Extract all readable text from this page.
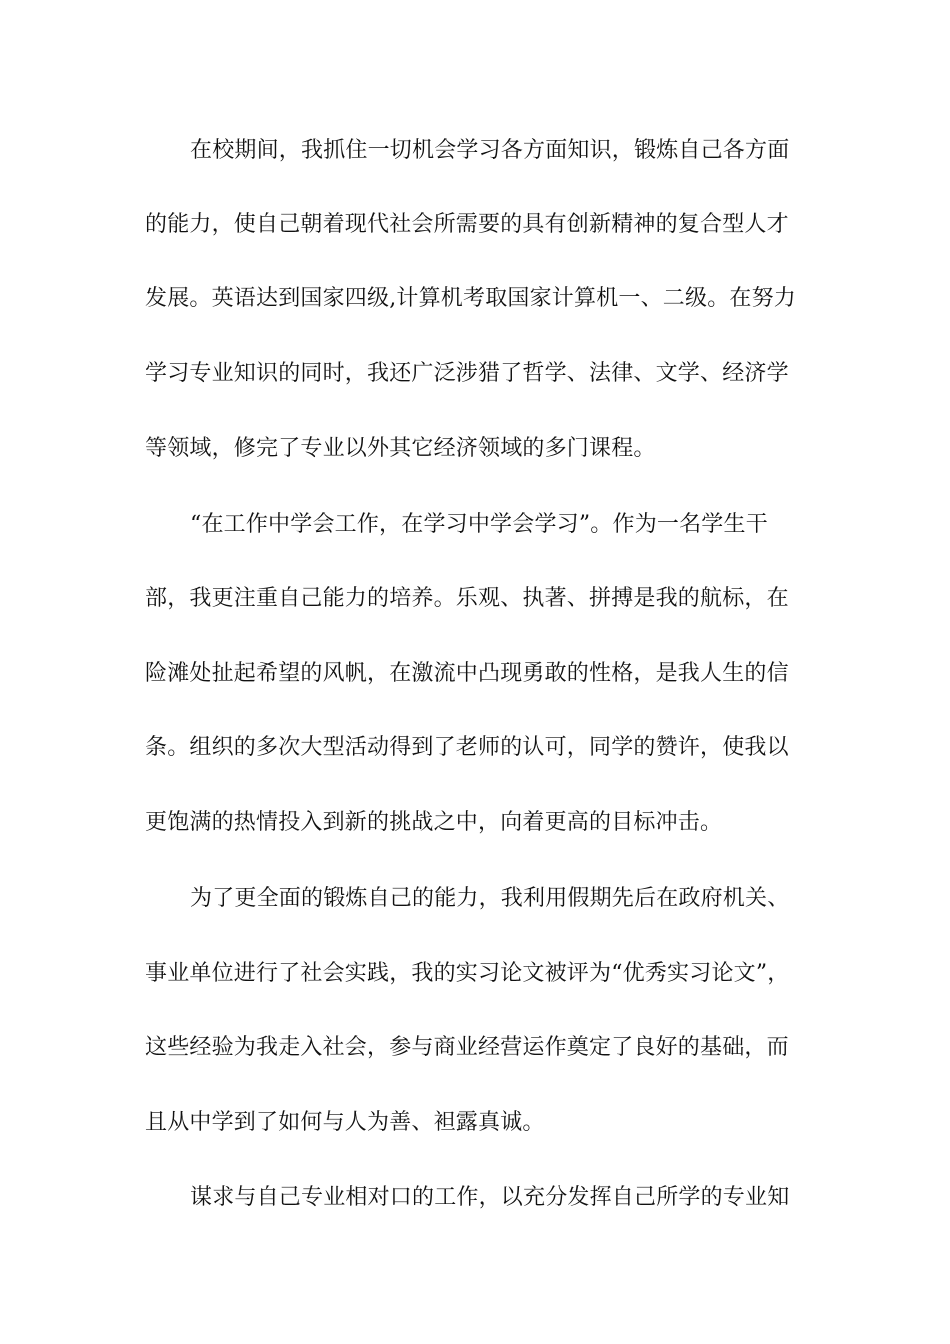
在校期间，我抓住一切机会学习各方面知识，锻炼自己各方面
的能力，使自己朝着现代社会所需要的具有创新精神的复合型人才
发展。英语达到国家四级,计算机考取国家计算机一、二级。在努力
学习专业知识的同时，我还广泛涉猎了哲学、法律、文学、经济学
等领域，修完了专业以外其它经济领域的多门课程。
“在工作中学会工作，在学习中学会学习”。作为一名学生干
部，我更注重自己能力的培养。乐观、执著、拼搏是我的航标，在
险滩处扯起希望的风帆，在激流中凸现勇敢的性格，是我人生的信
条。组织的多次大型活动得到了老师的认可，同学的赞许，使我以
更饱满的热情投入到新的挑战之中，向着更高的目标冲击。
为了更全面的锻炼自己的能力，我利用假期先后在政府机关、
事业单位进行了社会实践，我的实习论文被评为“优秀实习论文”，
这些经验为我走入社会，参与商业经营运作奠定了良好的基础，而
且从中学到了如何与人为善、袒露真诚。
谋求与自己专业相对口的工作，以充分发挥自己所学的专业知
